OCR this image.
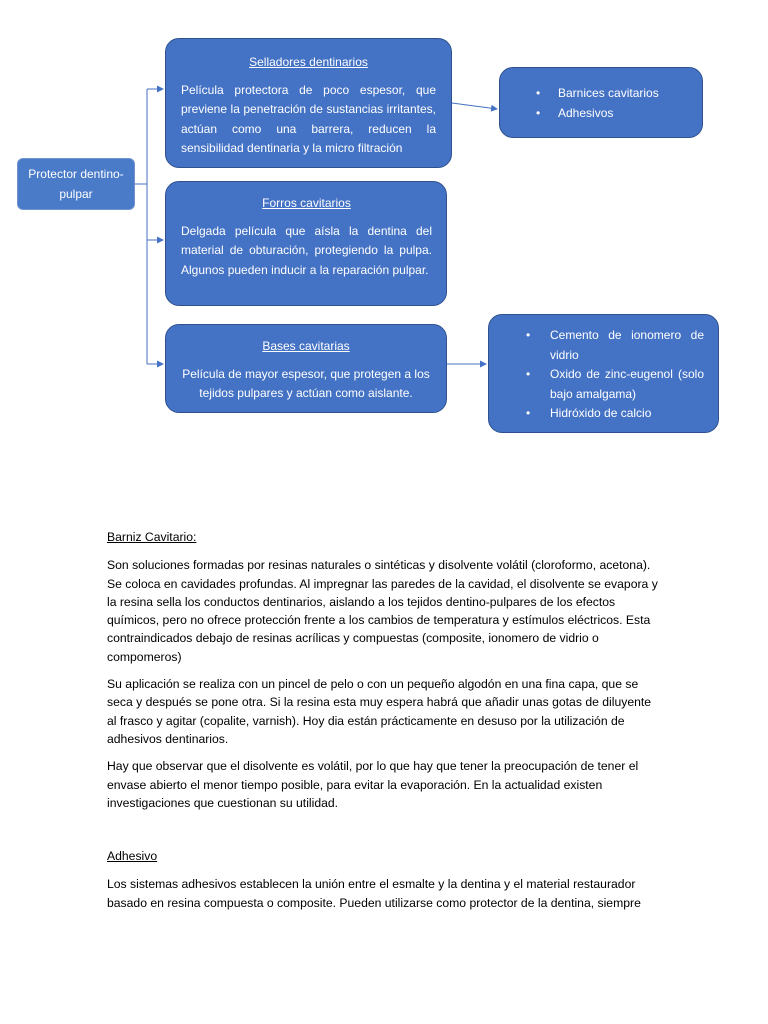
Protector dentino-pulpar
Selladores dentinarios
Película protectora de poco espesor, que previene la penetración de sustancias irritantes, actúan como una barrera, reducen la sensibilidad dentinaria y la micro filtración
Forros cavitarios
Delgada película que aísla la dentina del material de obturación, protegiendo la pulpa. Algunos pueden inducir a la reparación pulpar.
Bases cavitarias
Película de mayor espesor, que protegen a los tejidos pulpares y actúan como aislante.
• Barnices cavitarios
• Adhesivos
• Cemento de ionomero de vidrio
• Oxido de zinc-eugenol (solo bajo amalgama)
• Hidróxido de calcio
Barniz Cavitario:

Son soluciones formadas por resinas naturales o sintéticas y disolvente volátil (cloroformo, acetona). Se coloca en cavidades profundas. Al impregnar las paredes de la cavidad, el disolvente se evapora y la resina sella los conductos dentinarios, aislando a los tejidos dentino-pulpares de los efectos químicos, pero no ofrece protección frente a los cambios de temperatura y estímulos eléctricos. Esta contraindicados debajo de resinas acrílicas y compuestas (composite, ionomero de vidrio o compomeros)

Su aplicación se realiza con un pincel de pelo o con un pequeño algodón en una fina capa, que se seca y después se pone otra. Si la resina esta muy espera habrá que añadir unas gotas de diluyente al frasco y agitar (copalite, varnish). Hoy dia están prácticamente en desuso por la utilización de adhesivos dentinarios.

Hay que observar que el disolvente es volátil, por lo que hay que tener la preocupación de tener el envase abierto el menor tiempo posible, para evitar la evaporación. En la actualidad existen investigaciones que cuestionan su utilidad.

Adhesivo

Los sistemas adhesivos establecen la unión entre el esmalte y la dentina y el material restaurador basado en resina compuesta o composite. Pueden utilizarse como protector de la dentina, siempre
